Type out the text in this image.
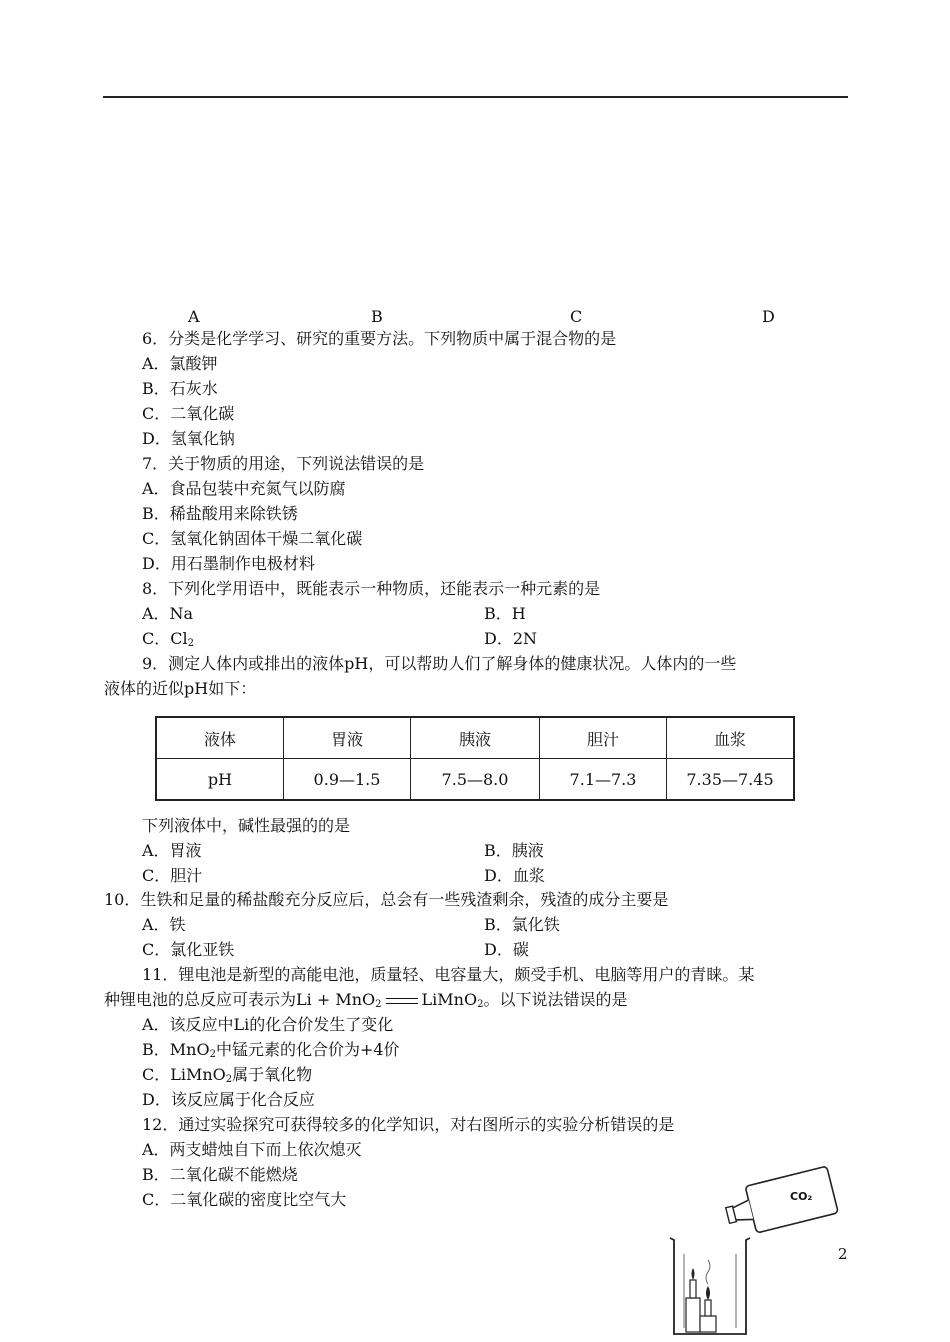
A	B	C	D
6．分类是化学学习、研究的重要方法。下列物质中属于混合物的是
A．氯酸钾
B．石灰水
C．二氧化碳
D．氢氧化钠
7．关于物质的用途，下列说法错误的是
A．食品包装中充氮气以防腐
B．稀盐酸用来除铁锈
C．氢氧化钠固体干燥二氧化碳
D．用石墨制作电极材料
8．下列化学用语中，既能表示一种物质，还能表示一种元素的是
A．Na	B．H
C．$Cl_2$	D．2N
9．测定人体内或排出的液体pH，可以帮助人们了解身体的健康状况。人体内的一些
液体的近似pH如下：
液体	胃液	胰液	胆汁	血浆
pH	0.9—1.5	7.5—8.0	7.1—7.3	7.35—7.45
下列液体中，碱性最强的的是
A．胃液	B．胰液
C．胆汁	D．血浆
10．生铁和足量的稀盐酸充分反应后，总会有一些残渣剩余，残渣的成分主要是
A．铁	B．氯化铁
C．氯化亚铁	D．碳
11．锂电池是新型的高能电池，质量轻、电容量大，颇受手机、电脑等用户的青睐。某
种锂电池的总反应可表示为Li + MnO$_2$	LiMnO$_2$。以下说法错误的是
A．该反应中Li的化合价发生了变化
B．MnO$_2$中锰元素的化合价为+4价
C．LiMnO$_2$属于氧化物
D．该反应属于化合反应
12．通过实验探究可获得较多的化学知识，对右图所示的实验分析错误的是
A．两支蜡烛自下而上依次熄灭
B．二氧化碳不能燃烧
C．二氧化碳的密度比空气大	CO₂
2
